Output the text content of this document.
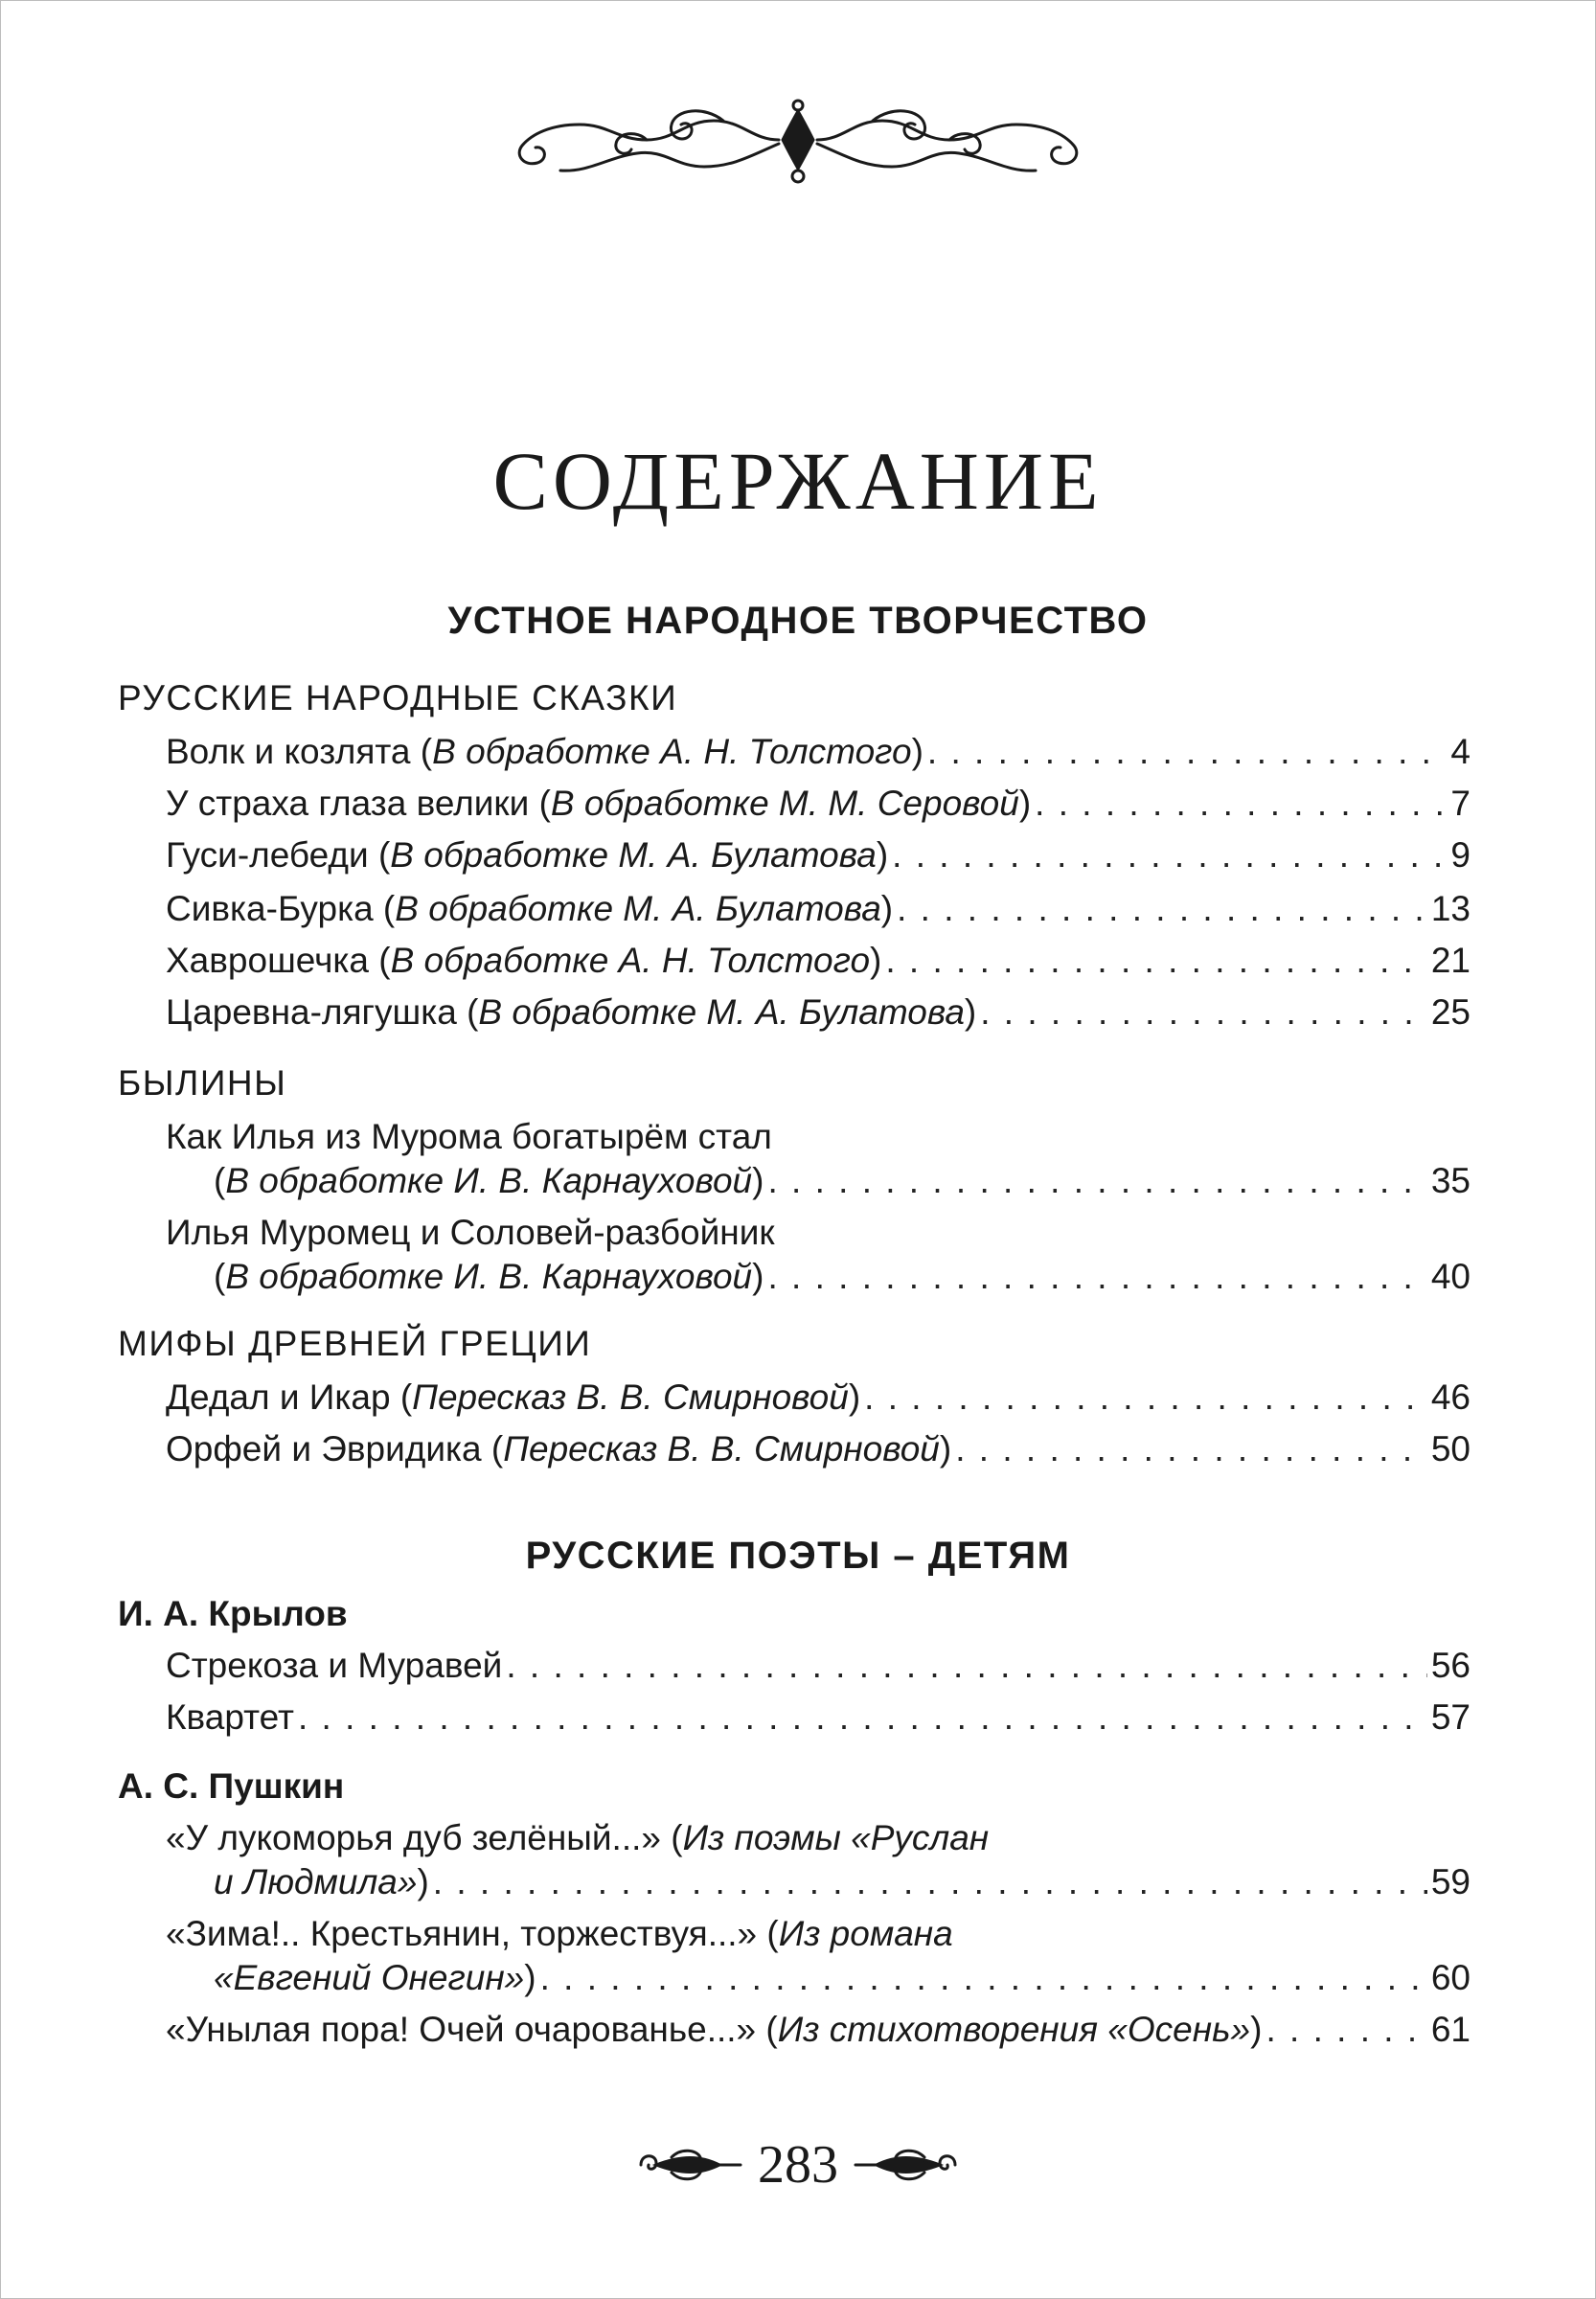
СОДЕРЖАНИЕ
УСТНОЕ НАРОДНОЕ ТВОРЧЕСТВО
РУССКИЕ НАРОДНЫЕ СКАЗКИ
Волк и козлята (В обработке А. Н. Толстого) . . .	4
У страха глаза велики (В обработке М. М. Серовой) . . .	7
Гуси-лебеди (В обработке М. А. Булатова) . . .	9
Сивка-Бурка (В обработке М. А. Булатова) . . .	13
Хаврошечка (В обработке А. Н. Толстого) . . .	21
Царевна-лягушка (В обработке М. А. Булатова) . . .	25
БЫЛИНЫ
Как Илья из Мурома богатырём стал
(В обработке И. В. Карнауховой) . . .	35
Илья Муромец и Соловей-разбойник
(В обработке И. В. Карнауховой) . . .	40
МИФЫ ДРЕВНЕЙ ГРЕЦИИ
Дедал и Икар (Пересказ В. В. Смирновой) . . .	46
Орфей и Эвридика (Пересказ В. В. Смирновой) . . .	50
РУССКИЕ ПОЭТЫ – ДЕТЯМ
И. А. Крылов
Стрекоза и Муравей . . .	56
Квартет . . .	57
А. С. Пушкин
«У лукоморья дуб зелёный...» (Из поэмы «Руслан
и Людмила») . . .	59
«Зима!.. Крестьянин, торжествуя...» (Из романа
«Евгений Онегин») . . .	60
«Унылая пора! Очей очарованье...» (Из стихотворения «Осень») . . .	61
283
